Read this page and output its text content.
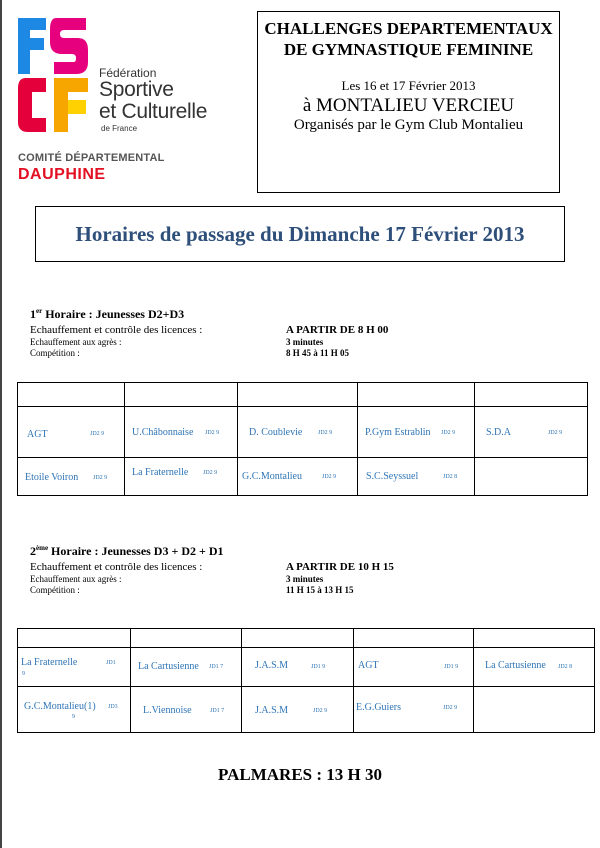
Fédération
Sportive
et Culturelle
de France
COMITÉ DÉPARTEMENTAL
DAUPHINE
CHALLENGES DEPARTEMENTAUX DE GYMNASTIQUE FEMININE
Les 16 et 17 Février 2013
à MONTALIEU VERCIEU
Organisés par le Gym Club Montalieu
Horaires de passage du Dimanche 17 Février 2013
1er Horaire : Jeunesses D2+D3
Echauffement et contrôle des licences :	A PARTIR DE 8 H 00
Echauffement aux agrès :	3 minutes
Compétition :	8 H 45 à 11 H 05

AGT JD2 9	U.Châbonnaise JD2 9	D. Coublevie JD2 9	P.Gym Estrablin JD2 9	S.D.A JD2 9

Etoile Voiron JD2 9	La Fraternelle JD2 9	G.C.Montalieu JD2 9	S.C.Seyssuel JD2 8	

2ème Horaire : Jeunesses D3 + D2 + D1
Echauffement et contrôle des licences :	A PARTIR DE 10 H 15
Echauffement aux agrès :	3 minutes
Compétition :	11 H 15 à 13 H 15

La Fraternelle JD1
9	La Cartusienne JD1 7	J.A.S.M JD1 9	AGT JD1 9	La Cartusienne JD2 8

G.C.Montalieu(1) JD3
9	L.Viennoise JD1 7	J.A.S.M JD2 9	E.G.Guiers JD2 9	

PALMARES : 13 H 30
